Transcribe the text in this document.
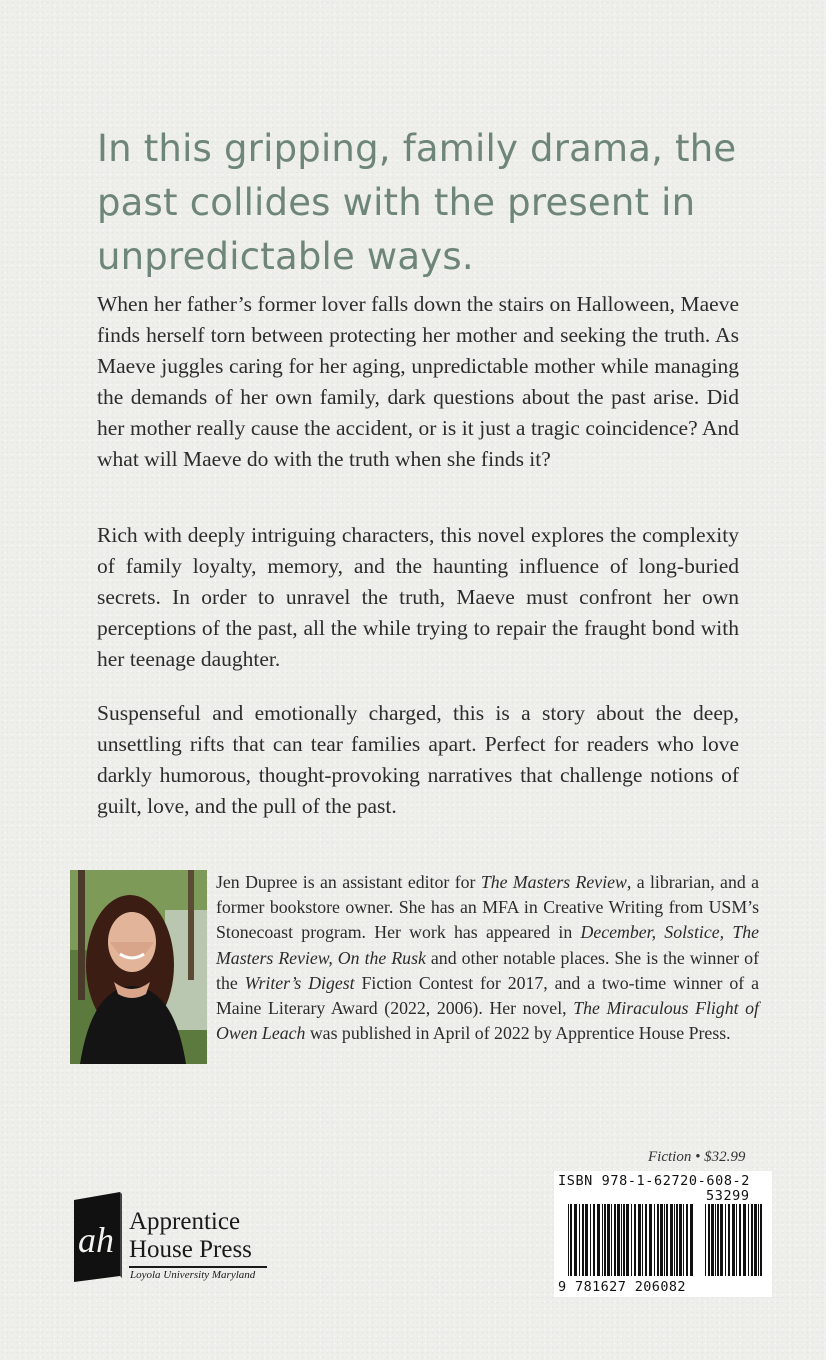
In this gripping, family drama, the past collides with the present in unpredictable ways.

When her father’s former lover falls down the stairs on Halloween, Maeve finds herself torn between protecting her mother and seeking the truth. As Maeve juggles caring for her aging, unpredictable mother while managing the demands of her own family, dark questions about the past arise. Did her mother really cause the accident, or is it just a tragic coincidence? And what will Maeve do with the truth when she finds it?

Rich with deeply intriguing characters, this novel explores the complexity of family loyalty, memory, and the haunting influence of long-buried secrets. In order to unravel the truth, Maeve must confront her own perceptions of the past, all the while trying to repair the fraught bond with her teenage daughter.

Suspenseful and emotionally charged, this is a story about the deep, unsettling rifts that can tear families apart. Perfect for readers who love darkly humorous, thought-provoking narratives that challenge notions of guilt, love, and the pull of the past.

Jen Dupree is an assistant editor for The Masters Review, a librarian, and a former bookstore owner. She has an MFA in Creative Writing from USM’s Stonecoast program. Her work has appeared in December, Solstice, The Masters Review, On the Rusk and other notable places. She is the winner of the Writer’s Digest Fiction Contest for 2017, and a two-time winner of a Maine Literary Award (2022, 2006). Her novel, The Miraculous Flight of Owen Leach was published in April of 2022 by Apprentice House Press.

Fiction • $32.99
ISBN 978-1-62720-608-2
53299
9 781627 206082
ah Apprentice
House Press
Loyola University Maryland
